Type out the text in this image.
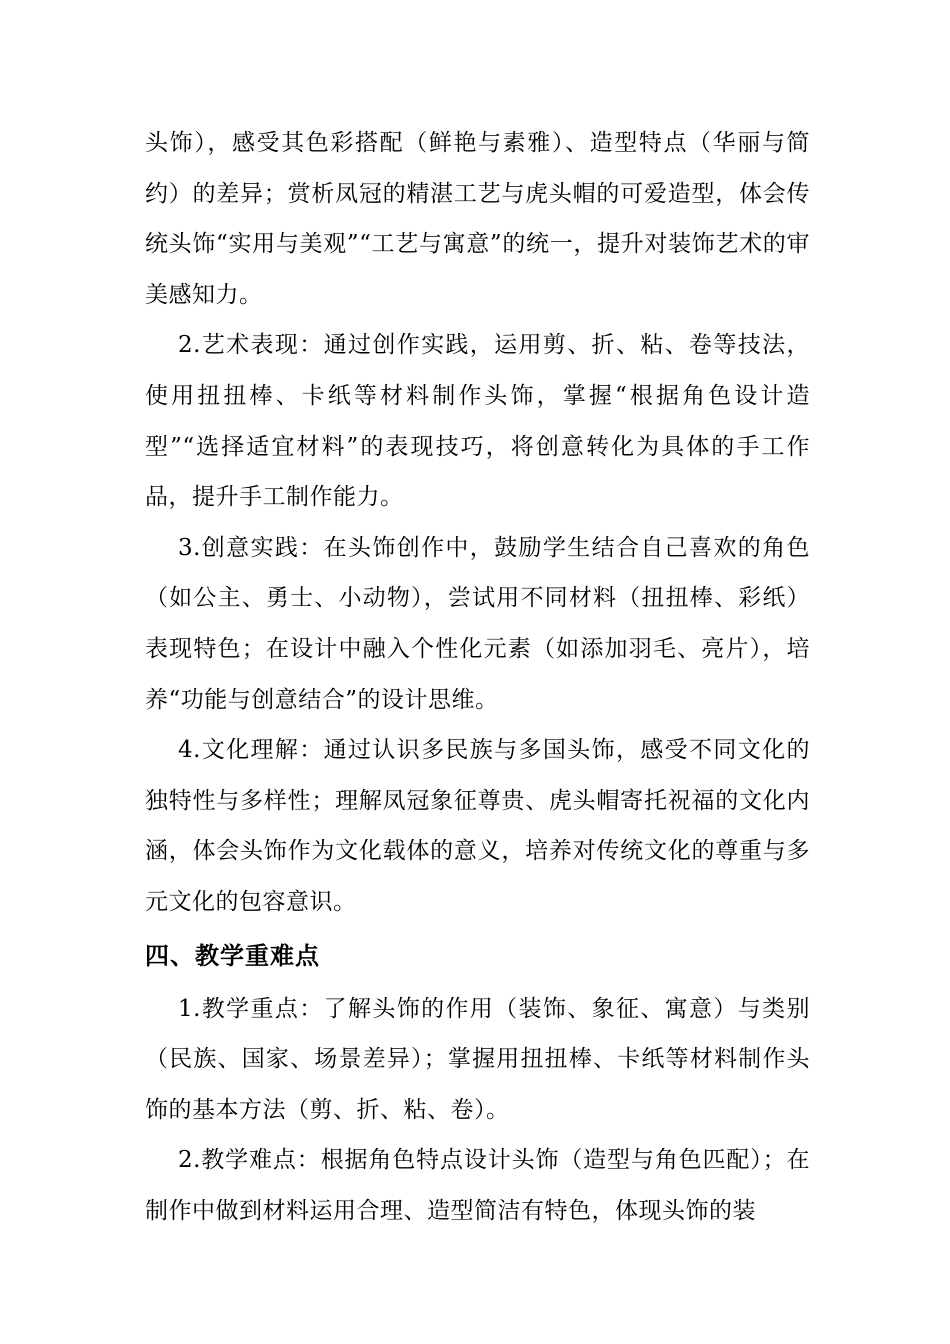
头饰），感受其色彩搭配（鲜艳与素雅）、造型特点（华丽与简约）的差异；赏析凤冠的精湛工艺与虎头帽的可爱造型，体会传统头饰“实用与美观”“工艺与寓意”的统一，提升对装饰艺术的审美感知力。

2.艺术表现：通过创作实践，运用剪、折、粘、卷等技法，使用扭扭棒、卡纸等材料制作头饰，掌握“根据角色设计造型”“选择适宜材料”的表现技巧，将创意转化为具体的手工作品，提升手工制作能力。

3.创意实践：在头饰创作中，鼓励学生结合自己喜欢的角色（如公主、勇士、小动物），尝试用不同材料（扭扭棒、彩纸）表现特色；在设计中融入个性化元素（如添加羽毛、亮片），培养“功能与创意结合”的设计思维。

4.文化理解：通过认识多民族与多国头饰，感受不同文化的独特性与多样性；理解凤冠象征尊贵、虎头帽寄托祝福的文化内涵，体会头饰作为文化载体的意义，培养对传统文化的尊重与多元文化的包容意识。

四、教学重难点

1.教学重点：了解头饰的作用（装饰、象征、寓意）与类别（民族、国家、场景差异）；掌握用扭扭棒、卡纸等材料制作头饰的基本方法（剪、折、粘、卷）。

2.教学难点：根据角色特点设计头饰（造型与角色匹配）；在制作中做到材料运用合理、造型简洁有特色，体现头饰的装
